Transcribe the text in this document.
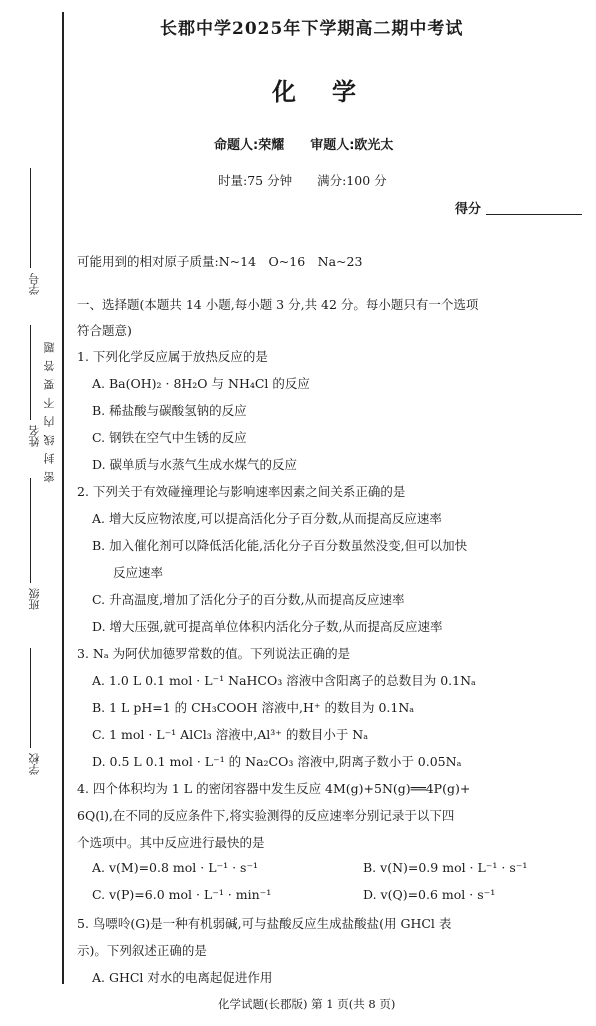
学号
姓名
班级
学校
密 封 线 内 不 要 答 题
长郡中学2025年下学期高二期中考试
化学
命题人:荣耀　　审题人:欧光太
时量:75 分钟　　满分:100 分
得分
可能用到的相对原子质量:N~14　O~16　Na~23
一、选择题(本题共 14 小题,每小题 3 分,共 42 分。每小题只有一个选项
符合题意)
1. 下列化学反应属于放热反应的是
A. Ba(OH)₂ · 8H₂O 与 NH₄Cl 的反应
B. 稀盐酸与碳酸氢钠的反应
C. 钢铁在空气中生锈的反应
D. 碳单质与水蒸气生成水煤气的反应
2. 下列关于有效碰撞理论与影响速率因素之间关系正确的是
A. 增大反应物浓度,可以提高活化分子百分数,从而提高反应速率
B. 加入催化剂可以降低活化能,活化分子百分数虽然没变,但可以加快
反应速率
C. 升高温度,增加了活化分子的百分数,从而提高反应速率
D. 增大压强,就可提高单位体积内活化分子数,从而提高反应速率
3. Nₐ 为阿伏加德罗常数的值。下列说法正确的是
A. 1.0 L 0.1 mol · L⁻¹ NaHCO₃ 溶液中含阳离子的总数目为 0.1Nₐ
B. 1 L pH=1 的 CH₃COOH 溶液中,H⁺ 的数目为 0.1Nₐ
C. 1 mol · L⁻¹ AlCl₃ 溶液中,Al³⁺ 的数目小于 Nₐ
D. 0.5 L 0.1 mol · L⁻¹ 的 Na₂CO₃ 溶液中,阴离子数小于 0.05Nₐ
4. 四个体积均为 1 L 的密闭容器中发生反应 4M(g)+5N(g)══4P(g)+
6Q(l),在不同的反应条件下,将实验测得的反应速率分别记录于以下四
个选项中。其中反应进行最快的是
A. v(M)=0.8 mol · L⁻¹ · s⁻¹	B. v(N)=0.9 mol · L⁻¹ · s⁻¹
C. v(P)=6.0 mol · L⁻¹ · min⁻¹	D. v(Q)=0.6 mol · s⁻¹
5. 鸟嘌呤(G)是一种有机弱碱,可与盐酸反应生成盐酸盐(用 GHCl 表
示)。下列叙述正确的是
A. GHCl 对水的电离起促进作用
化学试题(长郡版) 第 1 页(共 8 页)
